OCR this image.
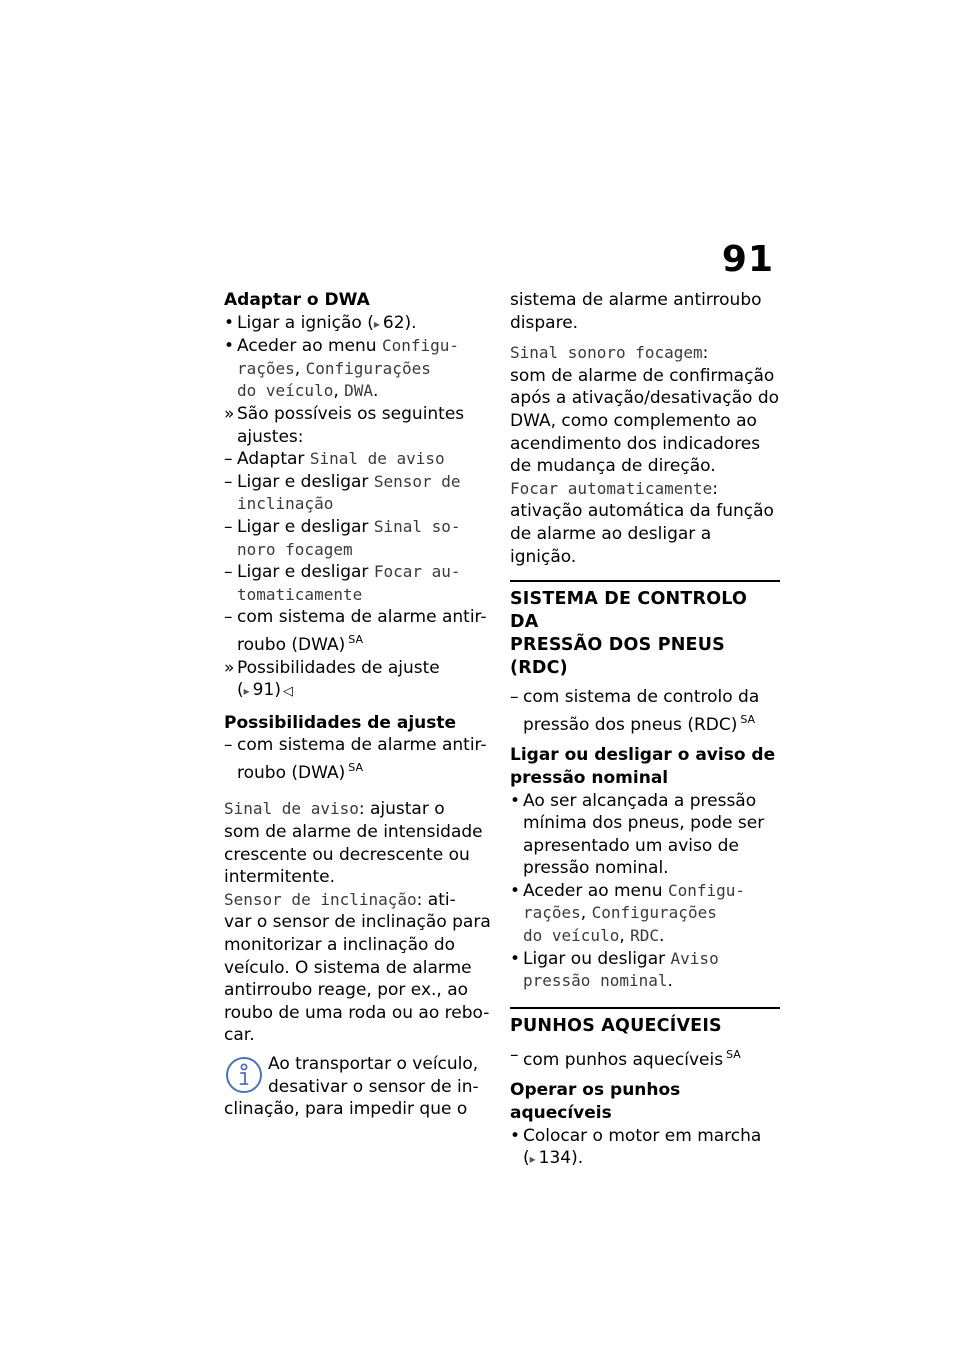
91

Adaptar o DWA

• Ligar a ignição (▸ 62).
• Aceder ao menu Configu-
rações, Configurações
do veículo, DWA.
» São possíveis os seguintes
ajustes:
– Adaptar Sinal de aviso
– Ligar e desligar Sensor de
inclinação
– Ligar e desligar Sinal so-
noro focagem
– Ligar e desligar Focar au-
tomaticamente
– com sistema de alarme antir-
roubo (DWA) $^{SA}$
» Possibilidades de ajuste
(▸ 91) ◁

Possibilidades de ajuste

– com sistema de alarme antir-
roubo (DWA) $^{SA}$
Sinal de aviso: ajustar o
som de alarme de intensidade
crescente ou decrescente ou
intermitente.
Sensor de inclinação: ati-
var o sensor de inclinação para
monitorizar a inclinação do
veículo. O sistema de alarme
antirroubo reage, por ex., ao
roubo de uma roda ou ao rebo-
car.
Ao transportar o veículo,
desativar o sensor de in-
clinação, para impedir que o
sistema de alarme antirroubo
dispare.
Sinal sonoro focagem:
som de alarme de confirmação
após a ativação/desativação do
DWA, como complemento ao
acendimento dos indicadores
de mudança de direção.
Focar automaticamente:
ativação automática da função
de alarme ao desligar a ignição.
SISTEMA DE CONTROLO DA
PRESSÃO DOS PNEUS (RDC)
– com sistema de controlo da
pressão dos pneus (RDC) $^{SA}$
Ligar ou desligar o aviso de
pressão nominal
• Ao ser alcançada a pressão
mínima dos pneus, pode ser
apresentado um aviso de
pressão nominal.
• Aceder ao menu Configu-
rações, Configurações
do veículo, RDC.
• Ligar ou desligar Aviso
pressão nominal.
PUNHOS AQUECÍVEIS
– com punhos aquecíveis $^{SA}$

Operar os punhos aquecíveis

• Colocar o motor em marcha
(▸ 134).
